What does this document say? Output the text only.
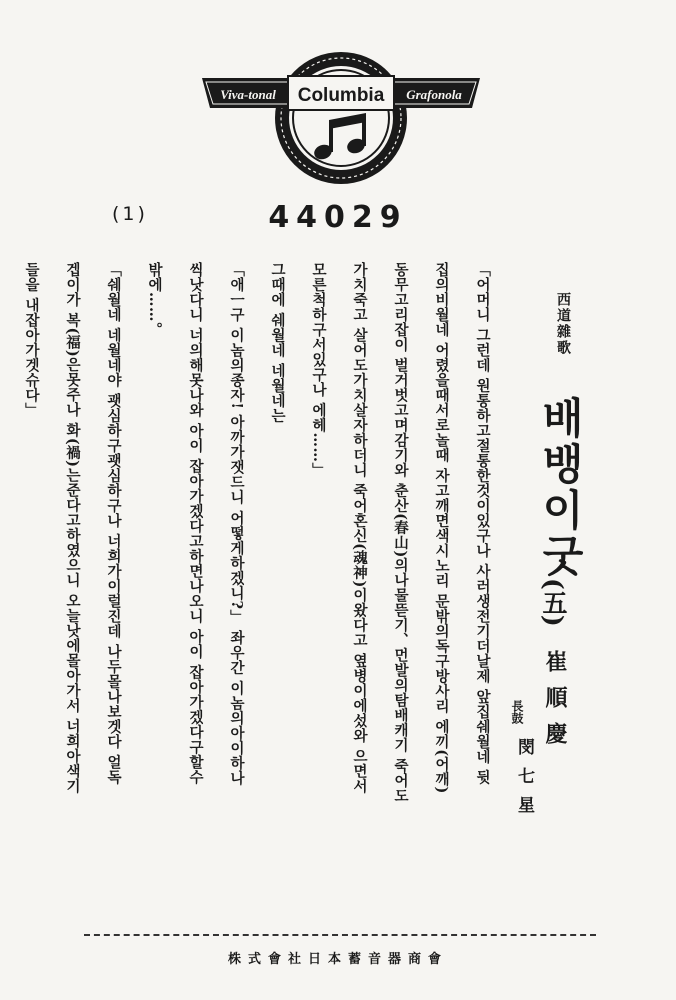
Viva-tonal Columbia Grafonola
(1)	44029
西道雜歌
배뱅이굿
(五)
崔順慶
長鼓
閔七星

「어머니 그런데 원통하고절통한것이있구나 사러생전기더날제 앞집쉐월네 뒷

집의비월네 어렸을때서로놀때 자고깨면색시노리 문밖의독구방사리 에끼(어깨)

동무고리잡이 벌거벗고며감기와 춘산(春山)의나물뜯기、먼발의탐배캐기 죽어도

가치죽고 살어도가치살자하더니 죽어혼신(魂神)이왔다고 옆병이에섰와 으면서

모른척하구서있구나 에헤……」

그때에 쉐월네 네월네는

「애ㅡ구 이놈의종자! 아까가잿드니 어떻게하겠니?」 좌우간 이놈의아이하나

씩낫다니 너의해못나와 아이 잡아가겠다고하면나오니 아이 잡아가겠다구할수

밖에……。

「쉐월네 네월네야 괫심하구괫심하구나 너희가이럴진데 나두몰나보겟다 얼독

겝이가 복(福)은못주나 화(禍)는준다고하였으니 오늘낫에몰아가서 너희아색기

들을 내잡아가겟슈다」

株式會社日本蓄音器商會
